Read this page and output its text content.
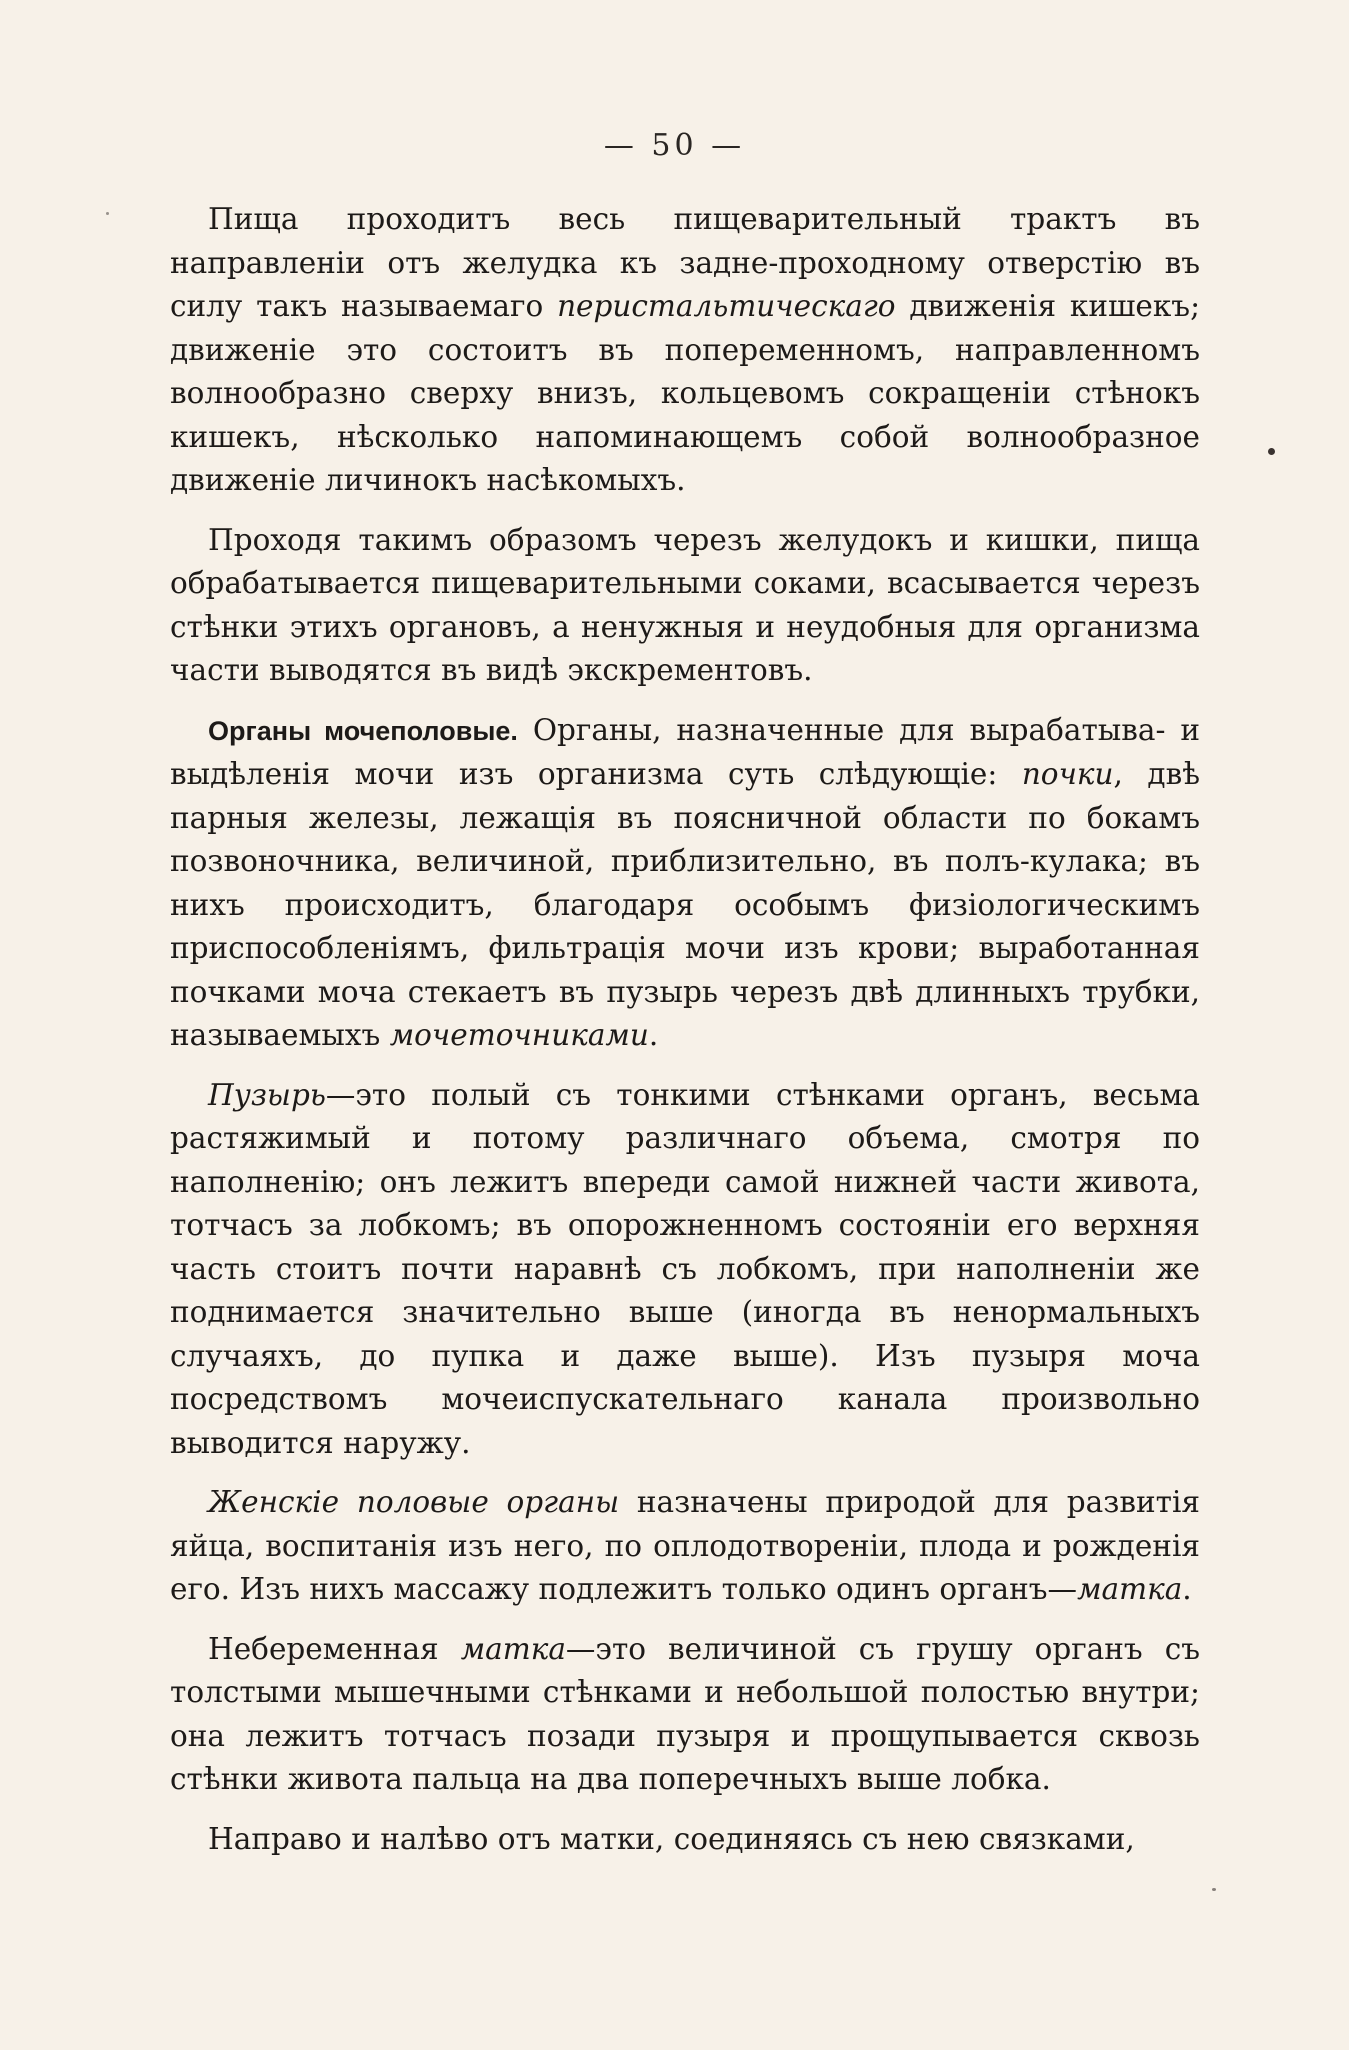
— 50 —

Пища проходитъ весь пищеварительный трактъ въ направленіи отъ желудка къ задне-проходному отверстію въ силу такъ называемаго перистальтическаго движенія кишекъ; движеніе это состоитъ въ попеременномъ, направленномъ волнообразно сверху внизъ, кольцевомъ сокращеніи стѣнокъ кишекъ, нѣсколько напоминающемъ собой волнообразное движеніе личинокъ насѣкомыхъ.

Проходя такимъ образомъ черезъ желудокъ и кишки, пища обрабатывается пищеварительными соками, всасывается черезъ стѣнки этихъ органовъ, а ненужныя и неудобныя для организма части выводятся въ видѣ экскрементовъ.

Органы мочеполовые. Органы, назначенные для вырабатыва- и выдѣленія мочи изъ организма суть слѣдующіе: почки, двѣ парныя железы, лежащія въ поясничной области по бокамъ позвоночника, величиной, приблизительно, въ полъ-кулака; въ нихъ происходитъ, благодаря особымъ физіологическимъ приспособленіямъ, фильтрація мочи изъ крови; выработанная почками моча стекаетъ въ пузырь черезъ двѣ длинныхъ трубки, называемыхъ мочеточниками.

Пузырь—это полый съ тонкими стѣнками органъ, весьма растяжимый и потому различнаго объема, смотря по наполненію; онъ лежитъ впереди самой нижней части живота, тотчасъ за лобкомъ; въ опорожненномъ состояніи его верхняя часть стоитъ почти наравнѣ съ лобкомъ, при наполненіи же поднимается значительно выше (иногда въ ненормальныхъ случаяхъ, до пупка и даже выше). Изъ пузыря моча посредствомъ мочеиспускательнаго канала произвольно выводится наружу.

Женскіе половые органы назначены природой для развитія яйца, воспитанія изъ него, по оплодотвореніи, плода и рожденія его. Изъ нихъ массажу подлежитъ только одинъ органъ—матка.

Небеременная матка—это величиной съ грушу органъ съ толстыми мышечными стѣнками и небольшой полостью внутри; она лежитъ тотчасъ позади пузыря и прощупывается сквозь стѣнки живота пальца на два поперечныхъ выше лобка.

Направо и налѣво отъ матки, соединяясь съ нею связками,
